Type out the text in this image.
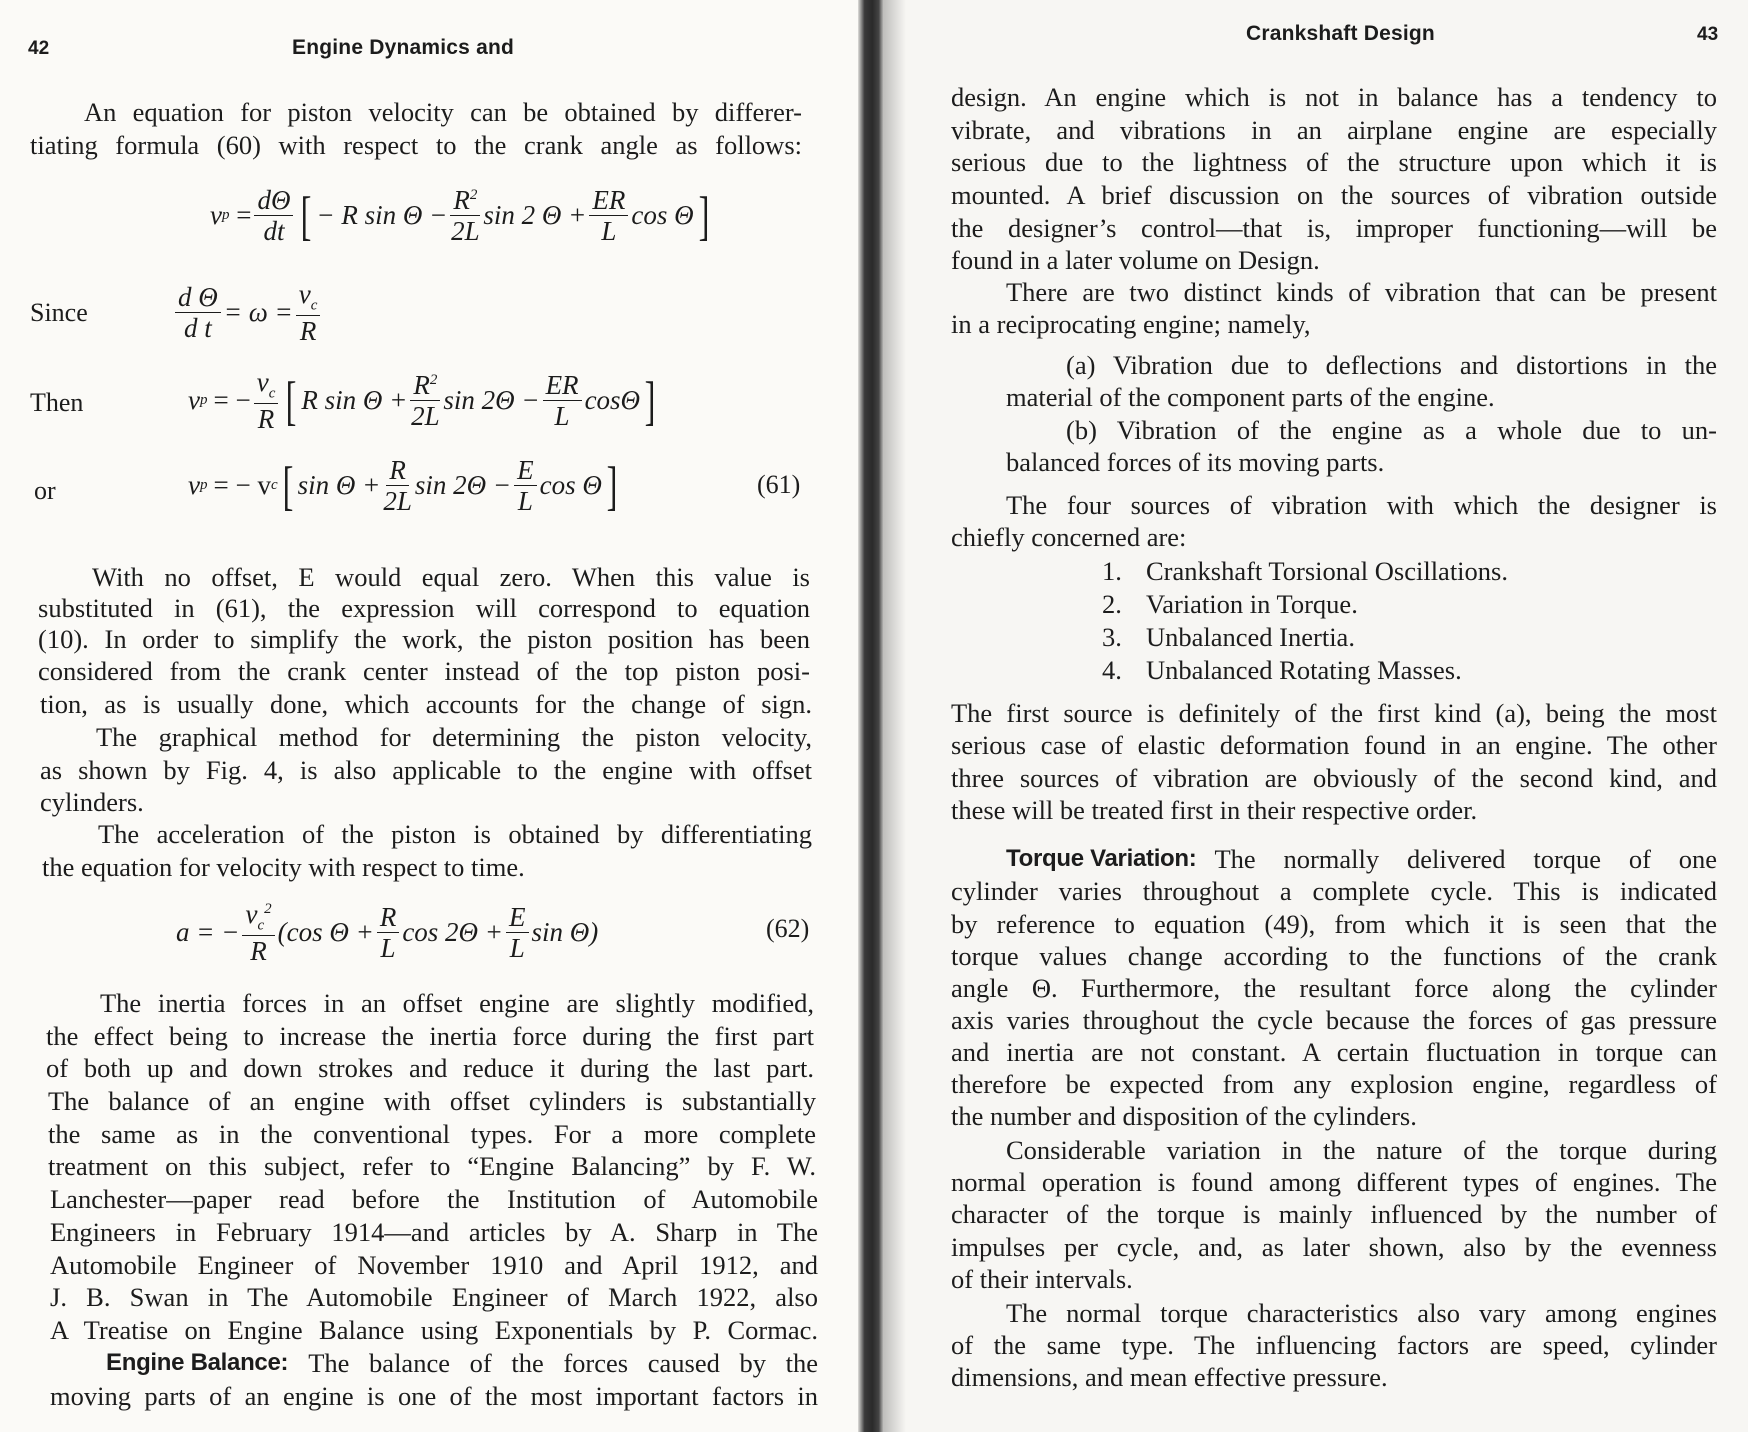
42	Engine Dynamics and
An equation for piston velocity can be obtained by differer-
tiating formula (60) with respect to the crank angle as follows:
v $p = \frac{d\Theta}{dt}$ [ − R $\sin \Theta - \frac{R^2}{2L}$ sin 2 $\Theta + \frac{ER}{L}$ cos Θ ]
Since	$\frac{\text{d Θ}}{\text{d t}} = \omega = \frac{v_c}{R}$
Then	v p = − $\frac{v_c}{R}$ [ R $\sin \Theta + \frac{R^2}{2L}$ $\sin 2\Theta - \frac{ER}{L}$ cosΘ ]
or	v p = − v c [ $\sin \Theta + \frac{R}{2L}$ $\sin 2\Theta - \frac{E}{L}$ cos Θ ]	(61)
With no offset, E would equal zero. When this value is
substituted in (61), the expression will correspond to equation
(10). In order to simplify the work, the piston position has been
considered from the crank center instead of the top piston posi-
tion, as is usually done, which accounts for the change of sign.
The graphical method for determining the piston velocity,
as shown by Fig. 4, is also applicable to the engine with offset
cylinders.
The acceleration of the piston is obtained by differentiating
the equation for velocity with respect to time.
a = − $\frac{v_c^2}{R} (\cos$ $\Theta + \frac{R}{L}$ $\cos 2\Theta + \frac{E}{L}$ sin Θ)	(62)
The inertia forces in an offset engine are slightly modified,
the effect being to increase the inertia force during the first part
of both up and down strokes and reduce it during the last part.
The balance of an engine with offset cylinders is substantially
the same as in the conventional types. For a more complete
treatment on this subject, refer to “Engine Balancing” by F. W.
Lanchester—paper read before the Institution of Automobile
Engineers in February 1914—and articles by A. Sharp in The
Automobile Engineer of November 1910 and April 1912, and
J. B. Swan in The Automobile Engineer of March 1922, also
A Treatise on Engine Balance using Exponentials by P. Cormac.
Engine Balance: The balance of the forces caused by the
moving parts of an engine is one of the most important factors in
Crankshaft Design	43
design. An engine which is not in balance has a tendency to
vibrate, and vibrations in an airplane engine are especially
serious due to the lightness of the structure upon which it is
mounted. A brief discussion on the sources of vibration outside
the designer’s control—that is, improper functioning—will be
found in a later volume on Design.
There are two distinct kinds of vibration that can be present
in a reciprocating engine; namely,
(a) Vibration due to deflections and distortions in the
material of the component parts of the engine.
(b) Vibration of the engine as a whole due to un-
balanced forces of its moving parts.
The four sources of vibration with which the designer is
chiefly concerned are:
1. Crankshaft Torsional Oscillations.
2. Variation in Torque.
3. Unbalanced Inertia.
4. Unbalanced Rotating Masses.
The first source is definitely of the first kind (a), being the most
serious case of elastic deformation found in an engine. The other
three sources of vibration are obviously of the second kind, and
these will be treated first in their respective order.
Torque Variation: The normally delivered torque of one
cylinder varies throughout a complete cycle. This is indicated
by reference to equation (49), from which it is seen that the
torque values change according to the functions of the crank
angle Θ. Furthermore, the resultant force along the cylinder
axis varies throughout the cycle because the forces of gas pressure
and inertia are not constant. A certain fluctuation in torque can
therefore be expected from any explosion engine, regardless of
the number and disposition of the cylinders.
Considerable variation in the nature of the torque during
normal operation is found among different types of engines. The
character of the torque is mainly influenced by the number of
impulses per cycle, and, as later shown, also by the evenness
of their intervals.
The normal torque characteristics also vary among engines
of the same type. The influencing factors are speed, cylinder
dimensions, and mean effective pressure.
